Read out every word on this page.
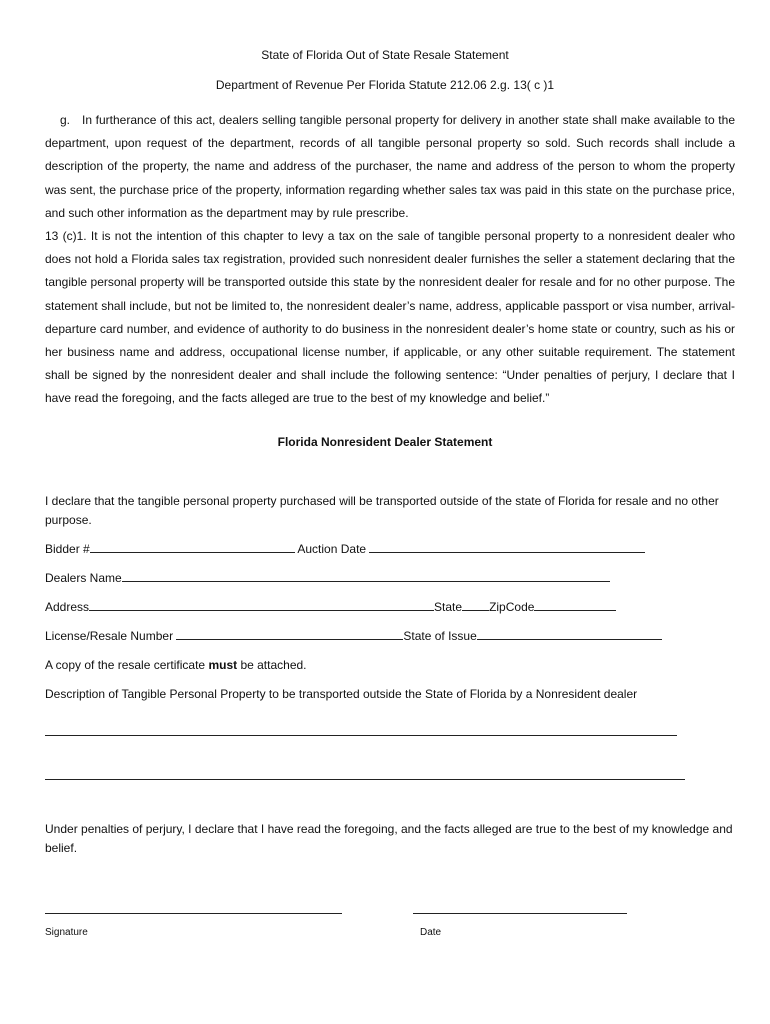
State of Florida Out of State Resale Statement
Department of Revenue Per Florida Statute 212.06 2.g. 13( c )1

g. In furtherance of this act, dealers selling tangible personal property for delivery in another state shall make available to the department, upon request of the department, records of all tangible personal property so sold. Such records shall include a description of the property, the name and address of the purchaser, the name and address of the person to whom the property was sent, the purchase price of the property, information regarding whether sales tax was paid in this state on the purchase price, and such other information as the department may by rule prescribe.

13 (c)1. It is not the intention of this chapter to levy a tax on the sale of tangible personal property to a nonresident dealer who does not hold a Florida sales tax registration, provided such nonresident dealer furnishes the seller a statement declaring that the tangible personal property will be transported outside this state by the nonresident dealer for resale and for no other purpose. The statement shall include, but not be limited to, the nonresident dealer’s name, address, applicable passport or visa number, arrival-departure card number, and evidence of authority to do business in the nonresident dealer’s home state or country, such as his or her business name and address, occupational license number, if applicable, or any other suitable requirement. The statement shall be signed by the nonresident dealer and shall include the following sentence: “Under penalties of perjury, I declare that I have read the foregoing, and the facts alleged are true to the best of my knowledge and belief.”

Florida Nonresident Dealer Statement
I declare that the tangible personal property purchased will be transported outside of the state of Florida for resale and no other purpose.
Bidder #	Auction Date
Dealers Name
Address	State ZipCode
License/Resale Number	State of Issue
A copy of the resale certificate must be attached.
Description of Tangible Personal Property to be transported outside the State of Florida by a Nonresident dealer
Under penalties of perjury, I declare that I have read the foregoing, and the facts alleged are true to the best of my knowledge and belief.
Signature	Date
